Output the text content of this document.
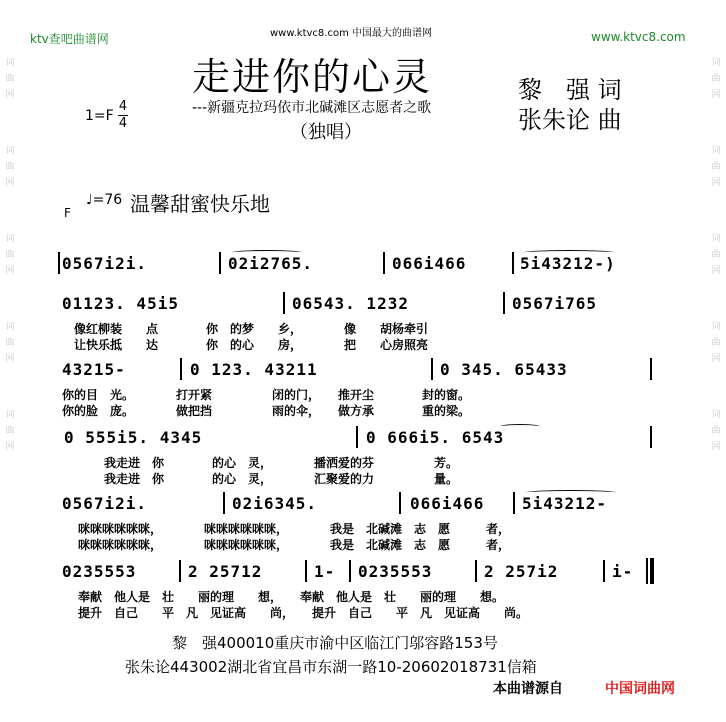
ktv查吧曲谱网	www.ktvc8.com 中国最大的曲谱网	www.ktvc8.com
词
曲
网
词
曲
网
词
曲
网
词
曲
网
词
曲
网
词
曲
网
词
曲
网
词
曲
网
词
曲
网
词
曲
网
走进你的心灵
---新疆克拉玛依市北碱滩区志愿者之歌
（独唱）
1=F
4
4
黎　强 词
张朱论 曲
F
♩=76 温馨甜蜜快乐地
0567i2i.	02i2765.	066i466	5i43212-)
01123. 45i5	06543. 1232	0567i765
像红柳装　　点　　　　你　的梦　　乡，　　　　像　　胡杨牵引
让快乐抵　　达　　　　你　的心　　房，　　　　把　　心房照亮
43215-	0 123. 43211	0 345. 65433
你的目　光。　　　　打开紧　　　　　闭的门，　　推开尘　　　　封的窗。
你的脸　庞。　　　　做把挡　　　　　雨的伞，　　做方承　　　　重的梁。
0 555i5. 4345	0 666i5. 6543
我走进　你　　　　的心　灵，　　　　播洒爱的芬　　　　　芳。
我走进　你　　　　的心　灵，　　　　汇聚爱的力　　　　　量。
0567i2i.	02i6345.	066i466 5i43212-
咪咪咪咪咪咪，　　　　咪咪咪咪咪咪，　　　　我是　北碱滩　志　愿　　　者，
咪咪咪咪咪咪，　　　　咪咪咪咪咪咪，　　　　我是　北碱滩　志　愿　　　者，
0235553	2 25712	1- 0235553	2 257i2	i-
奉献　他人是　壮　　丽的理　　想，　　奉献　他人是　壮　　丽的理　　想。
提升　自己　　平　凡　见证高　　尚，　　提升　自己　　平　凡　见证高　　尚。
黎　强400010重庆市渝中区临江门邬容路153号
张朱论443002湖北省宜昌市东湖一路10-20602018731信箱
本曲谱源自	中国词曲网
